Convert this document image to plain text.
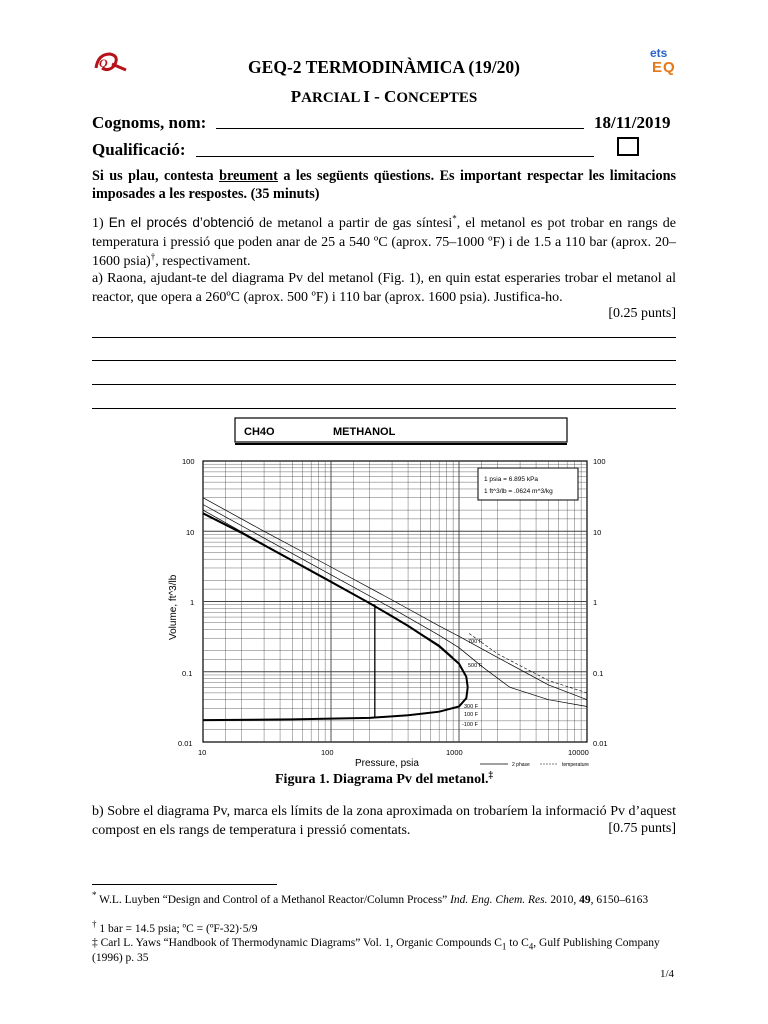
Q
ets
EQ
GEQ-2 TERMODINÀMICA (19/20)
PARCIAL I - CONCEPTES
Cognoms, nom:	18/11/2019
Qualificació:
Si us plau, contesta breument a les següents qüestions. Es important respectar les limitacions imposades a les respostes. (35 minuts)
1) En el procés d’obtenció de metanol a partir de gas síntesi*, el metanol es pot trobar en rangs de temperatura i pressió que poden anar de 25 a 540 ºC (aprox. 75–1000 ºF) i de 1.5 a 110 bar (aprox. 20–1600 psia)†, respectivament.
a) Raona, ajudant-te del diagrama Pv del metanol (Fig. 1), en quin estat esperaries trobar el metanol al reactor, que opera a 260ºC (aprox. 500 ºF) i 110 bar (aprox. 1600 psia). Justifica-ho.
[0.25 punts]
CH4O	METHANOL
1 psia = 6.895 kPa
1 ft^3/lb = .0624 m^3/kg
700 F
500 F
300 F
100 F
-100 F
100
10
1
0.1
0.01
100
10
1
0.1
0.01
10	100	1000	10000
Pressure, psia
Volume, ft^3/lb
2 phase	temperature
Figura 1. Diagrama Pv del metanol.‡
b) Sobre el diagrama Pv, marca els límits de la zona aproximada on trobaríem la informació Pv d’aquest compost en els rangs de temperatura i pressió comentats.	[0.75 punts]
* W.L. Luyben “Design and Control of a Methanol Reactor/Column Process” Ind. Eng. Chem. Res. 2010, 49, 6150–6163
† 1 bar = 14.5 psia; ºC = (ºF-32)·5/9
‡ Carl L. Yaws “Handbook of Thermodynamic Diagrams” Vol. 1, Organic Compounds $C_1$ to $C_4$, Gulf Publishing Company (1996) p. 35
1/4
